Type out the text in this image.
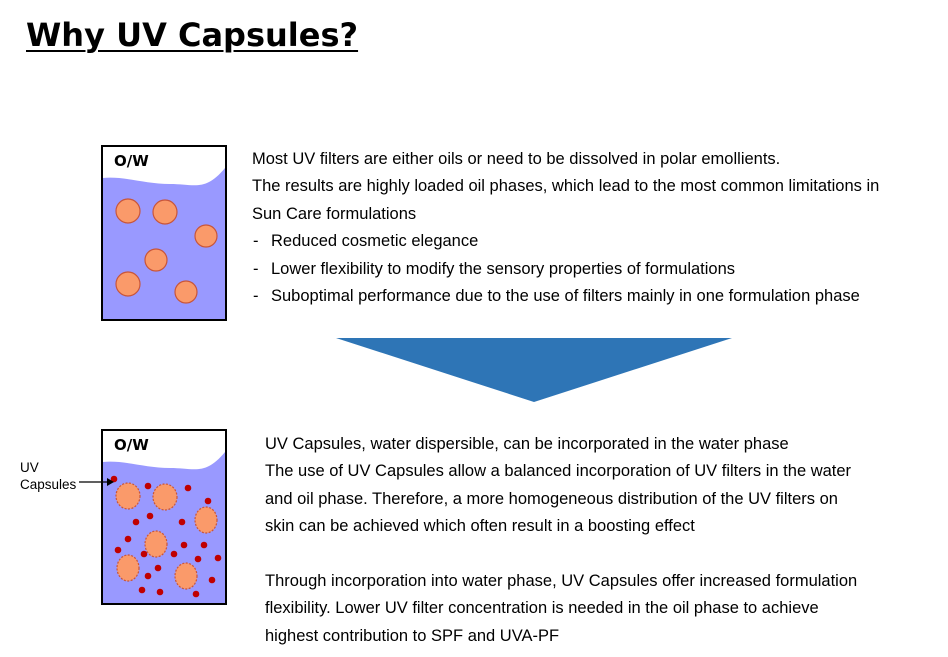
Why UV Capsules?
O/W	Most UV filters are either oils or need to be dissolved in polar emollients.
The results are highly loaded oil phases, which lead to the most common limitations in
Sun Care formulations
- Reduced cosmetic elegance
- Lower flexibility to modify the sensory properties of formulations
- Suboptimal performance due to the use of filters mainly in one formulation phase
O/W
UV
Capsules
UV Capsules, water dispersible, can be incorporated in the water phase
The use of UV Capsules allow a balanced incorporation of UV filters in the water
and oil phase. Therefore, a more homogeneous distribution of the UV filters on
skin can be achieved which often result in a boosting effect
Through incorporation into water phase, UV Capsules offer increased formulation
flexibility. Lower UV filter concentration is needed in the oil phase to achieve
highest contribution to SPF and UVA-PF
